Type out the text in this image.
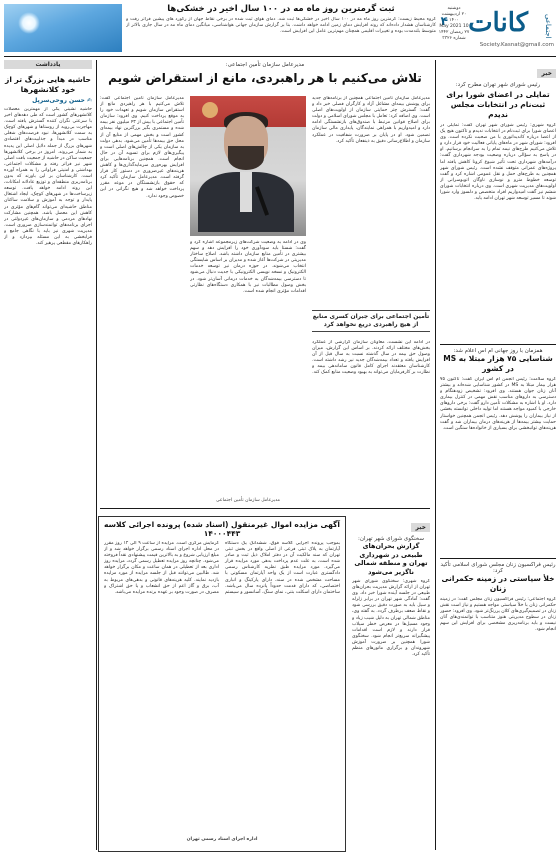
کانات اجتماعی
۴
دوشنبه
۲۰ اردیبهشت ۱۴۰۰
10 May 2021
۲۷ رمضان ۱۴۴۲
شماره ۳۳۲۶
Society.Kasnat@gmail.com
ثبت گرمترین روز ماه مه در ۱۰۰ سال اخیر در خشکی‌ها
گروه محیط زیست: گرمترین روز ماه مه در ۱۰۰ سال اخیر در خشکی‌ها ثبت شد. دمای هوای ثبت شده در برخی نقاط جهان از رکورد های پیشین فراتر رفت و کارشناسان هشدار داده‌اند که روند افزایش دمای زمین ادامه خواهد داشت. بنا بر گزارش سازمان جهانی هواشناسی، میانگین دمای ماه مه در سال جاری بالاتر از متوسط بلندمدت بوده و تغییرات اقلیمی همچنان مهم‌ترین عامل این افزایش است.
خبر
رئیس شورای شهر تهران مطرح کرد:
تمایلی در اعضای شورا برای ثبت‌نام در انتخابات مجلس ندیدم
گروه شهری: رئیس شورای شهر تهران گفت: تمایلی در اعضای شورا برای ثبت‌نام در انتخابات ندیدم و تاکنون هیچ یک از اعضا درباره کاندیداتوری با من صحبت نکرده است. وی افزود: شورای شهر در ماه‌های پایانی فعالیت خود قرار دارد و تلاش می‌کنیم طرح‌های نیمه تمام را به سرانجام برسانیم. او در پاسخ به سؤالی درباره وضعیت بودجه شهرداری گفت: درآمدهای شهرداری تحت تأثیر شیوع کرونا کاهش یافته اما پروژه‌های عمرانی متوقف نشده است. رئیس شورای شهر همچنین به طرح‌های حمل و نقل عمومی اشاره کرد و گفت توسعه خطوط مترو و نوسازی ناوگان اتوبوسرانی از اولویت‌های مدیریت شهری است. وی درباره انتخابات شورای ششم نیز گفت امیدواریم افراد متخصص و دلسوز وارد شورا شوند تا مسیر توسعه شهر تهران ادامه یابد.
همزمان با روز جهانی ام اس اعلام شد:
شناسایی ۷۵ هزار مبتلا به MS در کشور
گروه سلامت: رئیس انجمن ام اس ایران گفت: تاکنون ۷۵ هزار بیمار مبتلا به MS در کشور شناسایی شده‌اند و بیشتر آنان زنان جوان هستند. وی افزود: تشخیص زودهنگام و دسترسی به داروهای مناسب نقش مهمی در کنترل بیماری دارد. او با اشاره به مشکلات تأمین دارو گفت: برخی داروهای خارجی با کمبود مواجه هستند اما تولید داخلی توانسته بخشی از نیاز بیماران را پوشش دهد. رئیس انجمن همچنین خواستار حمایت بیشتر بیمه‌ها از هزینه‌های درمان بیماران شد و گفت هزینه‌های توانبخشی برای بسیاری از خانواده‌ها سنگین است.
رئیس فراکسیون زنان مجلس شورای اسلامی تأکید کرد:
خلأ سیاستی در زمینه حکمرانی زنان
گروه اجتماعی: رئیس فراکسیون زنان مجلس گفت: در زمینه حکمرانی زنان با خلأ سیاستی مواجه هستیم و نیاز است نقش زنان در تصمیم‌گیری‌های کلان پررنگ‌تر شود. وی افزود: حضور زنان در سطوح مدیریتی هنوز متناسب با توانمندی‌های آنان نیست و باید برنامه‌ریزی مشخصی برای افزایش این سهم انجام شود.
مدیرعامل سازمان تأمین اجتماعی:
تلاش می‌کنیم با هر راهبردی، مانع از استقراض شویم
مدیرعامل سازمان تأمین اجتماعی گفت: تلاش می‌کنیم با هر راهبردی مانع از استقراض سازمان شویم و تعهدات خود را به موقع پرداخت کنیم. وی افزود: سازمان تأمین اجتماعی با بیش از ۴۳ میلیون نفر بیمه شده و مستمری بگیر بزرگترین نهاد بیمه‌ای کشور است و بخش مهمی از منابع آن از محل حق بیمه‌ها تأمین می‌شود. بدهی دولت به سازمان یکی از چالش‌های اصلی است و پیگیری‌های لازم برای تسویه آن در حال انجام است. همچنین برنامه‌هایی برای افزایش بهره‌وری سرمایه‌گذاری‌ها و کاهش هزینه‌های غیرضروری در دستور کار قرار گرفته است. مدیرعامل سازمان تأکید کرد که حقوق بازنشستگان در موعد مقرر پرداخت خواهد شد و هیچ نگرانی در این خصوص وجود ندارد.
وی در ادامه به وضعیت شرکت‌های زیرمجموعه اشاره کرد و گفت: شستا باید سودآوری خود را افزایش دهد و سهم بیشتری در تأمین منابع سازمان داشته باشد. اصلاح ساختار مدیریتی در شرکت‌ها آغاز شده و مدیران بر اساس شایستگی انتخاب می‌شوند. در حوزه درمان نیز توسعه خدمات الکترونیک و نسخه نویسی الکترونیکی با جدیت دنبال می‌شود تا دسترسی بیمه‌شدگان به خدمات درمانی آسان‌تر شود. در بخش وصول مطالبات نیز با همکاری دستگاه‌های نظارتی اقدامات مؤثری انجام شده است.
مدیرعامل سازمان تأمین اجتماعی همچنین از برنامه‌های جدید برای پوشش بیمه‌ای مشاغل آزاد و کارگران فصلی خبر داد و گفت: گسترش چتر حمایتی سازمان از اولویت‌های اصلی است. وی اضافه کرد: تعامل با مجلس شورای اسلامی و دولت برای اصلاح قوانین مرتبط با صندوق‌های بازنشستگی ادامه دارد و امیدواریم با همراهی نمایندگان، پایداری مالی سازمان تضمین شود. او در پایان بر ضرورت شفافیت در عملکرد سازمان و اطلاع‌رسانی دقیق به ذینفعان تأکید کرد.
تأمین اجتماعی برای جبران کسری منابع از هیچ راهبردی دریغ نخواهد کرد
در ادامه این نشست، معاونان سازمان گزارشی از عملکرد بخش‌های مختلف ارائه کردند. بر اساس این گزارش، میزان وصول حق بیمه در سال گذشته نسبت به سال قبل از آن افزایش یافته و تعداد بیمه‌شدگان جدید نیز رشد داشته است. کارشناسان معتقدند اجرای کامل قانون ساماندهی بیمه و نظارت بر کارفرمایان می‌تواند به بهبود وضعیت منابع کمک کند.
مدیرعامل سازمان تأمین اجتماعی
خبر
سخنگوی شورای شهر تهران:
گزارش بحران‌های طبیعی در شهرداری تهران و منطقه شمالی ناگزیر می‌شود
گروه شهری: سخنگوی شورای شهر تهران از ارائه گزارش مدیریت بحران‌های طبیعی در جلسه آینده شورا خبر داد. وی گفت: آمادگی شهر تهران در برابر زلزله و سیل باید به صورت دقیق بررسی شود و نقاط ضعف برطرف گردد. به گفته وی، مناطق شمالی تهران به دلیل شیب زیاد و وجود مسیل‌ها در معرض خطر سیلاب قرار دارند و لازم است اقدامات پیشگیرانه سریع‌تر انجام شود. سخنگوی شورا همچنین بر ضرورت آموزش شهروندان و برگزاری مانورهای منظم تأکید کرد.
آگهی مزایده اموال غیرمنقول (اسناد شده) پرونده اجرائی کلاسه ۱۴۰۰۰۴۴۳
بموجب پرونده اجرایی کلاسه فوق، ششدانگ یک دستگاه آپارتمان به پلاک ثبتی فرعی از اصلی واقع در بخش ثبتی تهران که سند مالکیت آن در دفتر املاک ذیل ثبت و صادر شده است، به علت عدم پرداخت بدهی مورد مزایده قرار می‌گیرد. مورد مزایده طبق نظریه کارشناس رسمی دادگستری عبارت است از یک واحد آپارتمان مسکونی با مساحت مشخص شده در سند، دارای پارکینگ و انباری اختصاصی، که دارای قدمت حدوداً پانزده سال می‌باشد. ساختمان دارای اسکلت بتنی، نمای سنگ، آسانسور و سیستم گرمایش مرکزی است. مزایده از ساعت ۹ الی ۱۲ روز مقرر در محل اداره اجرای اسناد رسمی برگزار خواهد شد و از مبلغ ارزیابی شروع و به بالاترین قیمت پیشنهادی نقداً فروخته می‌شود. چنانچه روز مزایده تعطیل رسمی گردد، مزایده روز اداری بعد از تعطیلی در همان ساعت و مکان برگزار خواهد شد. طالبین می‌توانند قبل از جلسه مزایده از مورد مزایده بازدید نمایند. کلیه هزینه‌های قانونی و بدهی‌های مربوط به آب، برق و گاز اعم از حق انشعاب و یا حق اشتراک و مصرف در صورت وجود بر عهده برنده مزایده می‌باشد.
اداره اجرای اسناد رسمی تهران
یادداشت
حاشیه هایی بزرگ تر از خود کلانشهرها
✍ حسن روحی‌سرپل
حاشیه نشینی یکی از مهمترین معضلات کلانشهرهای کشور است که طی دهه‌های اخیر با سرعتی نگران کننده گسترش یافته است. مهاجرت بی‌رویه از روستاها و شهرهای کوچک به سمت کلانشهرها، نبود فرصت‌های شغلی مناسب در مبدأ و جذابیت‌های اقتصادی شهرهای بزرگ از جمله دلایل اصلی این پدیده به شمار می‌روند. امروز در برخی کلانشهرها جمعیت ساکن در حاشیه از جمعیت بافت اصلی شهر نیز فراتر رفته و مشکلات اجتماعی، بهداشتی و امنیتی فراوانی را به همراه آورده است. کارشناسان بر این باورند که بدون برنامه‌ریزی منطقه‌ای و توزیع عادلانه امکانات، این روند ادامه خواهد یافت. توسعه زیرساخت‌ها در شهرهای کوچک، ایجاد اشتغال پایدار و توجه به آموزش و سلامت ساکنان مناطق حاشیه‌ای می‌تواند گام‌های مؤثری در کاهش این معضل باشد. همچنین مشارکت نهادهای مردمی و سازمان‌های غیردولتی در اجرای برنامه‌های توانمندسازی ضروری است. مدیریت شهری نیز باید با نگاهی جامع و فرابخشی به این مسئله بپردازد و از راهکارهای مقطعی پرهیز کند.
